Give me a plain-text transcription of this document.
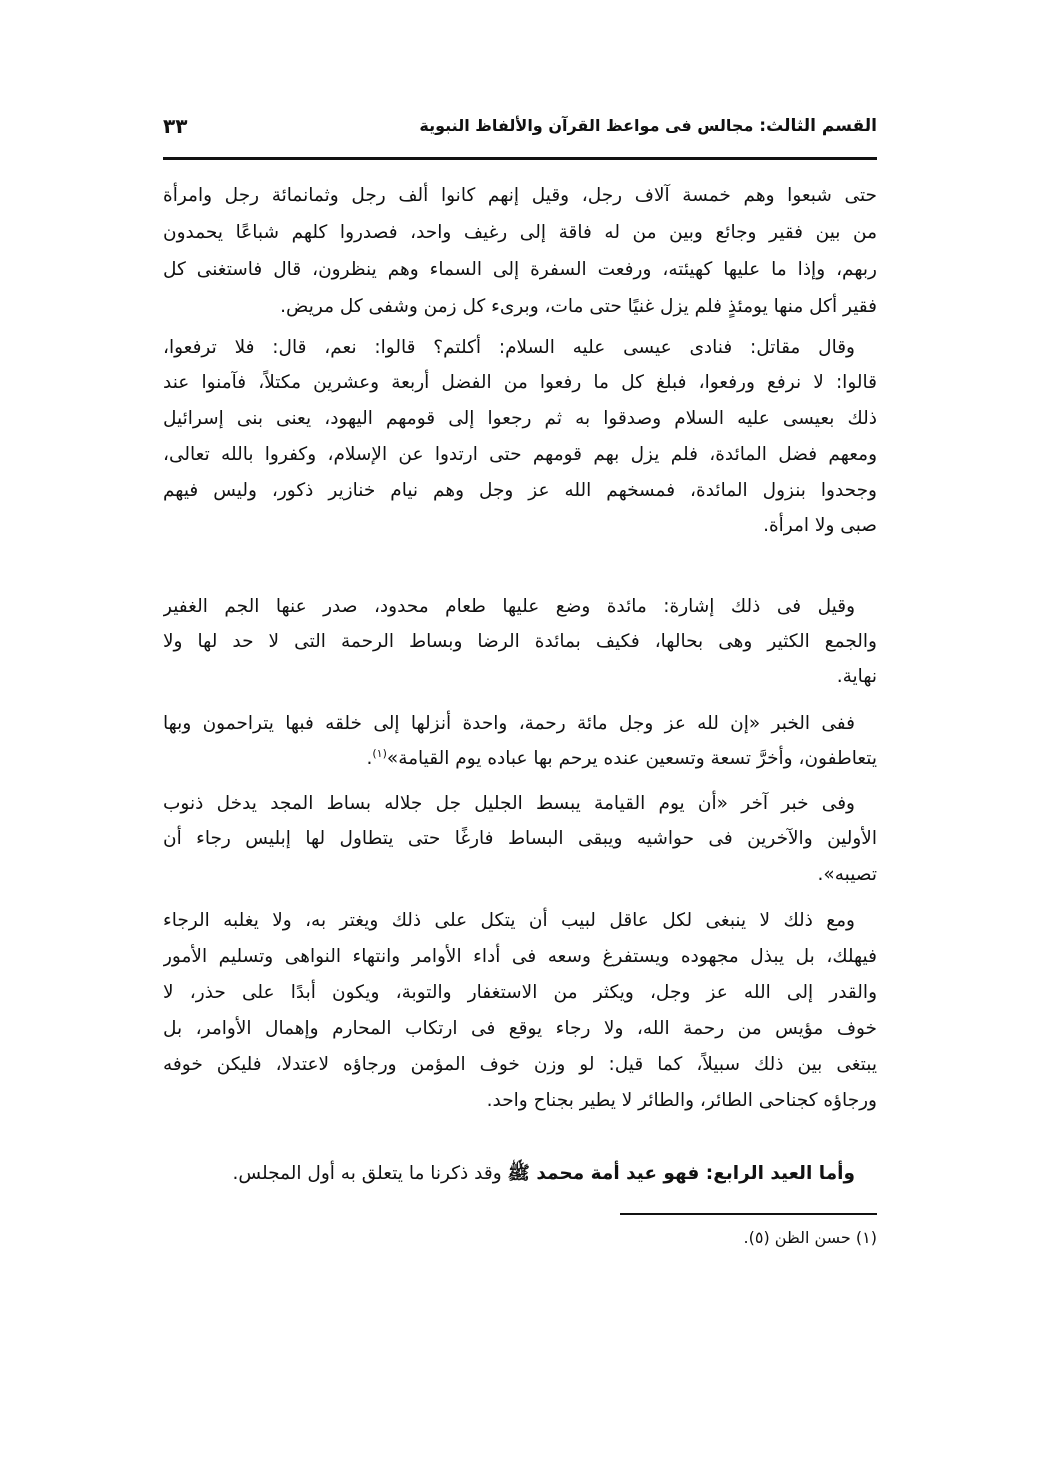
القسم الثالث: مجالس فى مواعظ القرآن والألفاظ النبوية
٣٣
حتى شبعوا وهم خمسة آلاف رجل، وقيل إنهم كانوا ألف رجل وثمانمائة رجل وامرأة
من بين فقير وجائع وبين من له فاقة إلى رغيف واحد، فصدروا كلهم شباعًا يحمدون
ربهم، وإذا ما عليها كهيئته، ورفعت السفرة إلى السماء وهم ينظرون، قال فاستغنى كل
فقير أكل منها يومئذٍ فلم يزل غنيًا حتى مات، وبرىء كل زمن وشفى كل مريض.
وقال مقاتل: فنادى عيسى عليه السلام: أكلتم؟ قالوا: نعم، قال: فلا ترفعوا،
قالوا: لا نرفع ورفعوا، فبلغ كل ما رفعوا من الفضل أربعة وعشرين مكتلاً، فآمنوا عند
ذلك بعيسى عليه السلام وصدقوا به ثم رجعوا إلى قومهم اليهود، يعنى بنى إسرائيل
ومعهم فضل المائدة، فلم يزل بهم قومهم حتى ارتدوا عن الإسلام، وكفروا بالله تعالى،
وجحدوا بنزول المائدة، فمسخهم الله عز وجل وهم نيام خنازير ذكور، وليس فيهم
صبى ولا امرأة.
وقيل فى ذلك إشارة: مائدة وضع عليها طعام محدود، صدر عنها الجم الغفير
والجمع الكثير وهى بحالها، فكيف بمائدة الرضا وبساط الرحمة التى لا حد لها ولا
نهاية.
ففى الخبر «إن لله عز وجل مائة رحمة، واحدة أنزلها إلى خلقه فبها يتراحمون وبها
يتعاطفون، وأخرَّ تسعة وتسعين عنده يرحم بها عباده يوم القيامة»$^{(١)}$.
وفى خبر آخر «أن يوم القيامة يبسط الجليل جل جلاله بساط المجد يدخل ذنوب
الأولين والآخرين فى حواشيه ويبقى البساط فارغًا حتى يتطاول لها إبليس رجاء أن
تصيبه».
ومع ذلك لا ينبغى لكل عاقل لبيب أن يتكل على ذلك ويغتر به، ولا يغلبه الرجاء
فيهلك، بل يبذل مجهوده ويستفرغ وسعه فى أداء الأوامر وانتهاء النواهى وتسليم الأمور
والقدر إلى الله عز وجل، ويكثر من الاستغفار والتوبة، ويكون أبدًا على حذر، لا
خوف مؤيس من رحمة الله، ولا رجاء يوقع فى ارتكاب المحارم وإهمال الأوامر، بل
يبتغى بين ذلك سبيلاً، كما قيل: لو وزن خوف المؤمن ورجاؤه لاعتدلا، فليكن خوفه
ورجاؤه كجناحى الطائر، والطائر لا يطير بجناح واحد.
وأما العيد الرابع: فهو عيد أمة محمد ﷺ وقد ذكرنا ما يتعلق به أول المجلس.
(١) حسن الظن (٥).
